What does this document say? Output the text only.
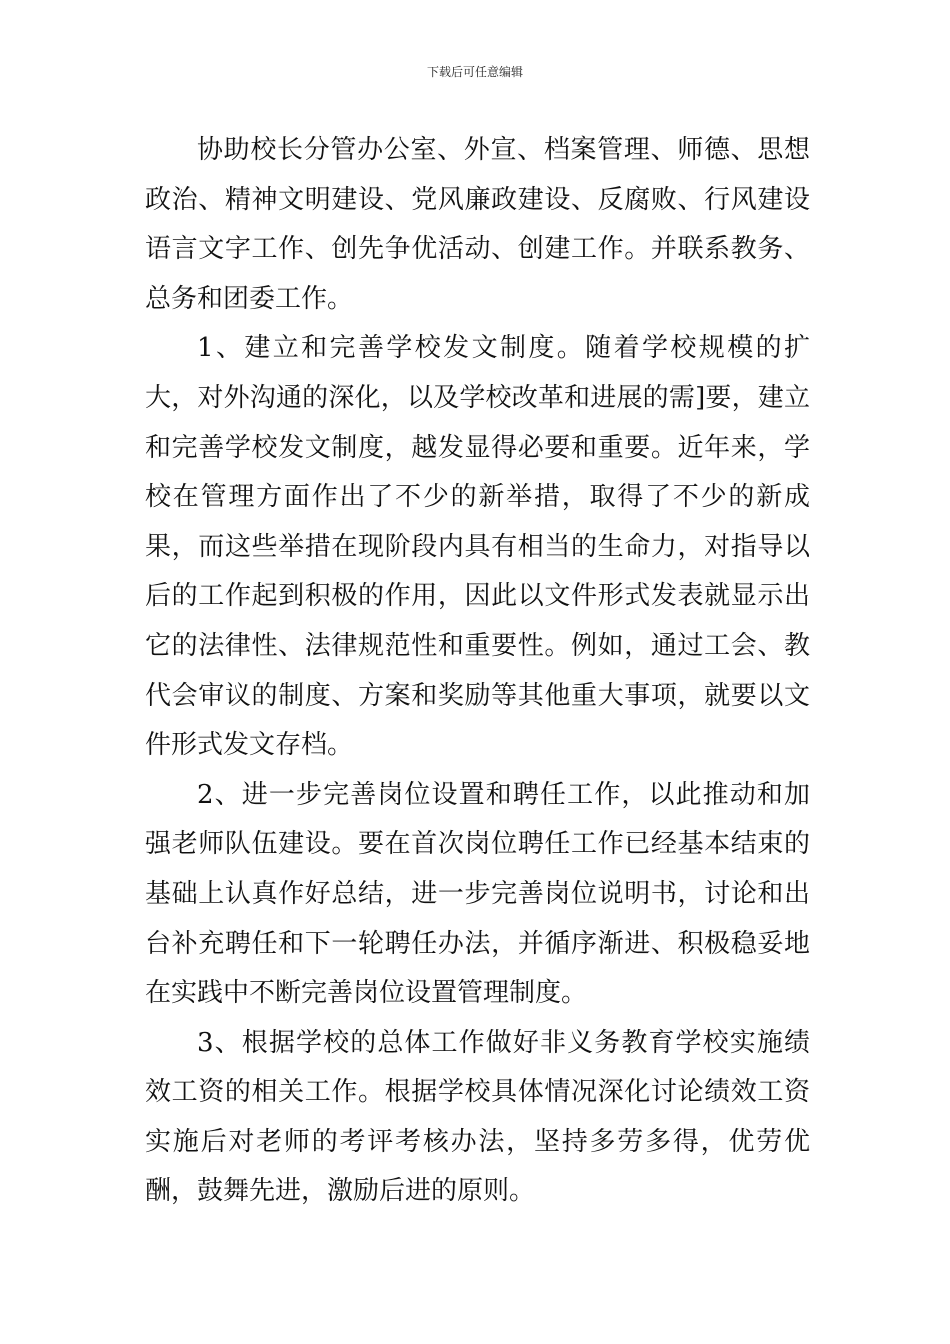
下载后可任意编辑

协助校长分管办公室、外宣、档案管理、师德、思想政治、精神文明建设、党风廉政建设、反腐败、行风建设语言文字工作、创先争优活动、创建工作。并联系教务、总务和团委工作。

1、建立和完善学校发文制度。随着学校规模的扩大，对外沟通的深化，以及学校改革和进展的需]要，建立和完善学校发文制度，越发显得必要和重要。近年来，学校在管理方面作出了不少的新举措，取得了不少的新成果，而这些举措在现阶段内具有相当的生命力，对指导以后的工作起到积极的作用，因此以文件形式发表就显示出它的法律性、法律规范性和重要性。例如，通过工会、教代会审议的制度、方案和奖励等其他重大事项，就要以文件形式发文存档。

2、进一步完善岗位设置和聘任工作，以此推动和加强老师队伍建设。要在首次岗位聘任工作已经基本结束的基础上认真作好总结，进一步完善岗位说明书，讨论和出台补充聘任和下一轮聘任办法，并循序渐进、积极稳妥地在实践中不断完善岗位设置管理制度。

3、根据学校的总体工作做好非义务教育学校实施绩效工资的相关工作。根据学校具体情况深化讨论绩效工资实施后对老师的考评考核办法，坚持多劳多得，优劳优酬，鼓舞先进，激励后进的原则。
